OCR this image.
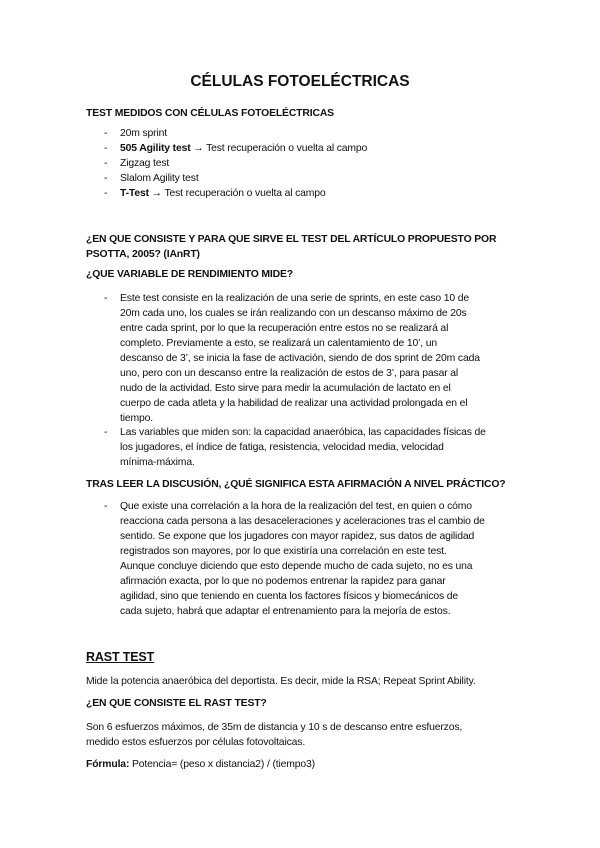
CÉLULAS FOTOELÉCTRICAS
TEST MEDIDOS CON CÉLULAS FOTOELÉCTRICAS
- 20m sprint
- 505 Agility test → Test recuperación o vuelta al campo
- Zigzag test
- Slalom Agility test
- T-Test → Test recuperación o vuelta al campo
¿EN QUE CONSISTE Y PARA QUE SIRVE EL TEST DEL ARTÍCULO PROPUESTO POR
PSOTTA, 2005? (IAnRT)
¿QUE VARIABLE DE RENDIMIENTO MIDE?
- Este test consiste en la realización de una serie de sprints, en este caso 10 de
20m cada uno, los cuales se irán realizando con un descanso máximo de 20s
entre cada sprint, por lo que la recuperación entre estos no se realizará al
completo. Previamente a esto, se realizará un calentamiento de 10’, un
descanso de 3’, se inicia la fase de activación, siendo de dos sprint de 20m cada
uno, pero con un descanso entre la realización de estos de 3’, para pasar al
nudo de la actividad. Esto sirve para medir la acumulación de lactato en el
cuerpo de cada atleta y la habilidad de realizar una actividad prolongada en el
tiempo.
- Las variables que miden son: la capacidad anaeróbica, las capacidades físicas de
los jugadores, el índice de fatiga, resistencia, velocidad media, velocidad
mínima-máxima.
TRAS LEER LA DISCUSIÓN, ¿QUÉ SIGNIFICA ESTA AFIRMACIÓN A NIVEL PRÁCTICO?
- Que existe una correlación a la hora de la realización del test, en quien o cómo
reacciona cada persona a las desaceleraciones y aceleraciones tras el cambio de
sentido. Se expone que los jugadores con mayor rapidez, sus datos de agilidad
registrados son mayores, por lo que existiría una correlación en este test.
Aunque concluye diciendo que esto depende mucho de cada sujeto, no es una
afirmación exacta, por lo que no podemos entrenar la rapidez para ganar
agilidad, sino que teniendo en cuenta los factores físicos y biomecánicos de
cada sujeto, habrá que adaptar el entrenamiento para la mejoría de estos.
RAST TEST
Mide la potencia anaeróbica del deportista. Es decir, mide la RSA; Repeat Sprint Ability.
¿EN QUE CONSISTE EL RAST TEST?
Son 6 esfuerzos máximos, de 35m de distancia y 10 s de descanso entre esfuerzos,
medido estos esfuerzos por células fotovoltaicas.
Fórmula: Potencia= (peso x distancia2) / (tiempo3)
